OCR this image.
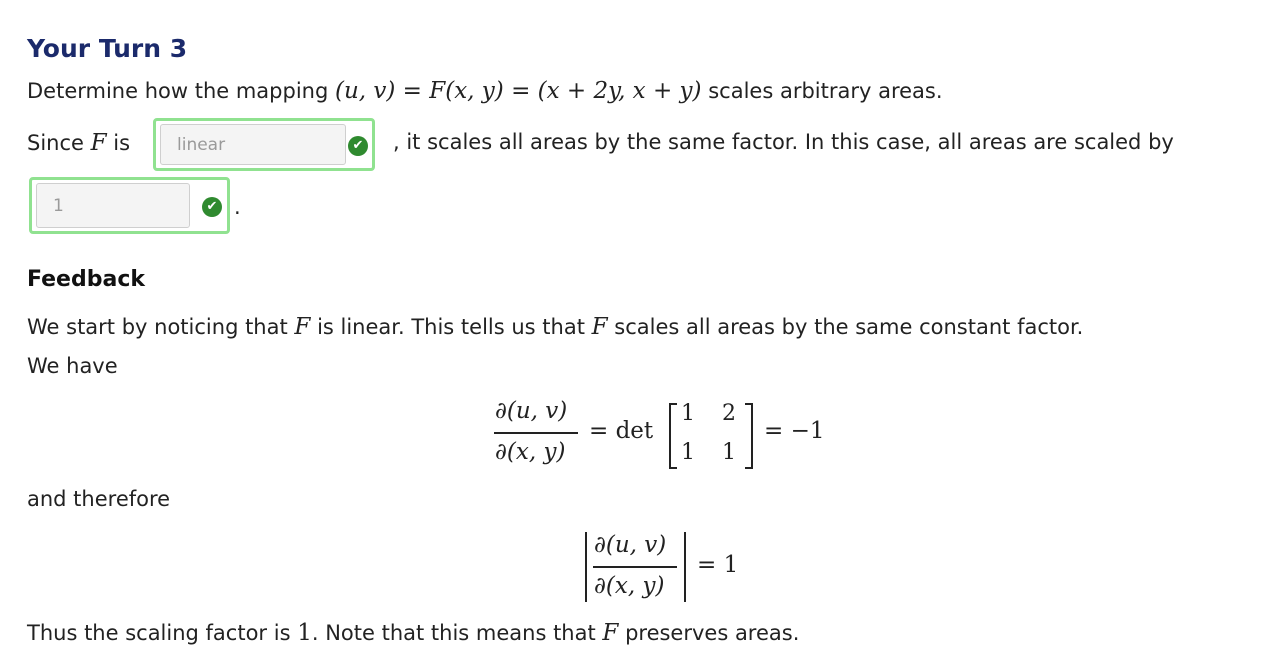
Your Turn 3
Determine how the mapping (u, v) = F(x, y) = (x + 2y, x + y) scales arbitrary areas.
Since F is
linear	✔ , it scales all areas by the same factor. In this case, all areas are scaled by
1
✔ .
Feedback
We start by noticing that F is linear. This tells us that F scales all areas by the same constant factor.
We have
∂(u, v)
∂(x, y)
= det
1 2
1 1
= −1
and therefore
∂(u, v)
∂(x, y)
= 1
Thus the scaling factor is 1. Note that this means that F preserves areas.
